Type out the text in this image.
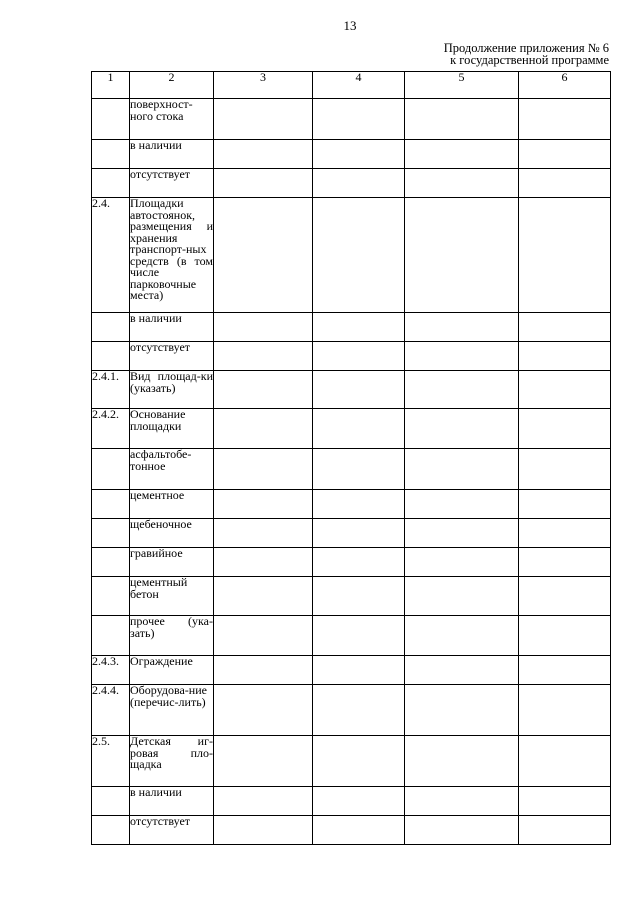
13
Продолжение приложения № 6
к государственной программе
1	2	3	4	5	6

	поверхност-ного стока				

	в наличии				

	отсутствует				

2.4.	Площадки автостоянок, размещения и хранения транспорт-ных средств (в том числе парковочные места)				

	в наличии				

	отсутствует				

2.4.1.	Вид площад-ки (указать)				

2.4.2.	Основание площадки				

	асфальтобе-тонное				

	цементное				

	щебеночное				

	гравийное				

	цементный бетон				

	прочее (ука-зать)				

2.4.3.	Ограждение				

2.4.4.	Оборудова-ние (перечис-лить)				

2.5.	Детская иг-ровая пло-щадка				

	в наличии				

	отсутствует				
